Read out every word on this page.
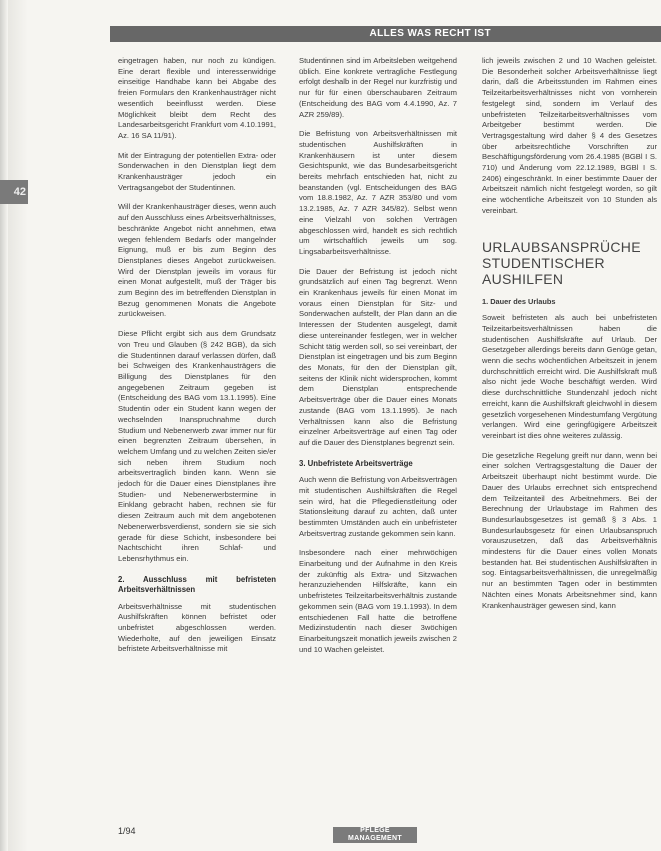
ALLES WAS RECHT IST
42

eingetragen haben, nur noch zu kündigen. Eine derart flexible und interessenwidrige einseitige Handhabe kann bei Abgabe des freien Formulars den Krankenhausträger nicht wesentlich beeinflusst werden. Diese Möglichkeit bleibt dem Recht des Landesarbeitsgericht Frankfurt vom 4.10.1991, Az. 16 SA 11/91).

Mit der Eintragung der potentiellen Extra- oder Sonderwachen in den Dienstplan liegt dem Krankenhausträger jedoch ein Vertragsangebot der Studentinnen.

Will der Krankenhausträger dieses, wenn auch auf den Ausschluss eines Arbeitsverhältnisses, beschränkte Angebot nicht annehmen, etwa wegen fehlendem Bedarfs oder mangelnder Eignung, muß er bis zum Beginn des Dienstplanes dieses Angebot zurückweisen. Wird der Dienstplan jeweils im voraus für einen Monat aufgestellt, muß der Träger bis zum Beginn des im betreffenden Dienstplan in Bezug genommenen Monats die Angebote zurückweisen.

Diese Pflicht ergibt sich aus dem Grundsatz von Treu und Glauben (§ 242 BGB), da sich die Studentinnen darauf verlassen dürfen, daß bei Schweigen des Krankenhausträgers die Billigung des Dienstplanes für den angegebenen Zeitraum gegeben ist (Entscheidung des BAG vom 13.1.1995). Eine Studentin oder ein Student kann wegen der wechselnden Inanspruchnahme durch Studium und Nebenerwerb zwar immer nur für einen begrenzten Zeitraum übersehen, in welchem Umfang und zu welchen Zeiten sie/er sich neben ihrem Studium noch arbeitsvertraglich binden kann. Wenn sie jedoch für die Dauer eines Dienstplanes ihre Studien- und Nebenerwerbstermine in Einklang gebracht haben, rechnen sie für diesen Zeitraum auch mit dem angebotenen Nebenerwerbsverdienst, sondern sie sie sich gerade für diese Schicht, insbesondere bei Nachtschicht ihren Schlaf- und Lebensrhythmus ein.

2. Ausschluss mit befristeten Arbeitsverhältnissen

Arbeitsverhältnisse mit studentischen Aushilfskräften können befristet oder unbefristet abgeschlossen werden. Wiederholte, auf den jeweiligen Einsatz befristete Arbeitsverhältnisse mit

Studentinnen sind im Arbeitsleben weitgehend üblich. Eine konkrete vertragliche Festlegung erfolgt deshalb in der Regel nur kurzfristig und nur für für einen überschaubaren Zeitraum (Entscheidung des BAG vom 4.4.1990, Az. 7 AZR 259/89).

Die Befristung von Arbeitsverhältnissen mit studentischen Aushilfskräften in Krankenhäusern ist unter diesem Gesichtspunkt, wie das Bundesarbeitsgericht bereits mehrfach entschieden hat, nicht zu beanstanden (vgl. Entscheidungen des BAG vom 18.8.1982, Az. 7 AZR 353/80 und vom 13.2.1985, Az. 7 AZR 345/82). Selbst wenn eine Vielzahl von solchen Verträgen abgeschlossen wird, handelt es sich rechtlich um wirtschaftlich jeweils um sog. Lingsabarbeitsverhältnisse.

Die Dauer der Befristung ist jedoch nicht grundsätzlich auf einen Tag begrenzt. Wenn ein Krankenhaus jeweils für einen Monat im voraus einen Dienstplan für Sitz- und Sonderwachen aufstellt, der Plan dann an die Interessen der Studenten ausgelegt, damit diese untereinander festlegen, wer in welcher Schicht tätig werden soll, so sei vereinbart, der Dienstplan ist eingetragen und bis zum Beginn des Monats, für den der Dienstplan gilt, seitens der Klinik nicht widersprochen, kommt dem Dienstplan entsprechende Arbeitsverträge über die Dauer eines Monats zustande (BAG vom 13.1.1995). Je nach Verhältnissen kann also die Befristung einzelner Arbeitsverträge auf einen Tag oder auf die Dauer des Dienstplanes begrenzt sein.

3. Unbefristete Arbeitsverträge

Auch wenn die Befristung von Arbeitsverträgen mit studentischen Aushilfskräften die Regel sein wird, hat die Pflegedienstleitung oder Stationsleitung darauf zu achten, daß unter bestimmten Umständen auch ein unbefristeter Arbeitsvertrag zustande gekommen sein kann.

Insbesondere nach einer mehrwöchigen Einarbeitung und der Aufnahme in den Kreis der zukünftig als Extra- und Sitzwachen heranzuziehenden Hilfskräfte, kann ein unbefristetes Teilzeitarbeitsverhältnis zustande gekommen sein (BAG vom 19.1.1993). In dem entschiedenen Fall hatte die betroffene Medizinstudentin nach dieser 3wöchigen Einarbeitungszeit monatlich jeweils zwischen 2 und 10 Wachen geleistet.

lich jeweils zwischen 2 und 10 Wachen geleistet. Die Besonderheit solcher Arbeitsverhältnisse liegt darin, daß die Arbeitsstunden im Rahmen eines Teilzeitarbeitsverhältnisses nicht von vornherein festgelegt sind, sondern im Verlauf des unbefristeten Teilzeitarbeitsverhältnisses vom Arbeitgeber bestimmt werden. Die Vertragsgestaltung wird daher § 4 des Gesetzes über arbeitsrechtliche Vorschriften zur Beschäftigungsförderung vom 26.4.1985 (BGBl I S. 710) und Änderung vom 22.12.1989, BGBl I S. 2406) eingeschränkt. In einer bestimmte Dauer der Arbeitszeit nämlich nicht festgelegt worden, so gilt eine wöchentliche Arbeitszeit von 10 Stunden als vereinbart.

URLAUBSANSPRÜCHE STUDENTISCHER AUSHILFEN
1. Dauer des Urlaubs

Soweit befristeten als auch bei unbefristeten Teilzeitarbeitsverhältnissen haben die studentischen Aushilfskräfte auf Urlaub. Der Gesetzgeber allerdings bereits dann Genüge getan, wenn die sechs wöchentlichen Arbeitszeit in jenem durchschnittlich erreicht wird. Die Aushilfskraft muß also nicht jede Woche beschäftigt werden. Wird diese durchschnittliche Stundenzahl jedoch nicht erreicht, kann die Aushilfskraft gleichwohl in diesem gesetzlich vorgesehenen Mindestumfang Vergütung verlangen. Wird eine geringfügigere Arbeitszeit vereinbart ist dies ohne weiteres zulässig.

Die gesetzliche Regelung greift nur dann, wenn bei einer solchen Vertragsgestaltung die Dauer der Arbeitszeit überhaupt nicht bestimmt wurde. Die Dauer des Urlaubs errechnet sich entsprechend dem Teilzeitanteil des Arbeitnehmers. Bei der Berechnung der Urlaubstage im Rahmen des Bundesurlaubsgesetzes ist gemäß § 3 Abs. 1 Bundesurlaubsgesetz für einen Urlaubsanspruch vorauszusetzen, daß das Arbeitsverhältnis mindestens für die Dauer eines vollen Monats bestanden hat. Bei studentischen Aushilfskräften in sog. Eintagsarbeitsverhältnissen, die unregelmäßig nur an bestimmten Tagen oder in bestimmten Nächten eines Monats Arbeitsnehmer sind, kann Krankenhausträger gewesen sind, kann

1/94	PFLEGE
MANAGEMENT
